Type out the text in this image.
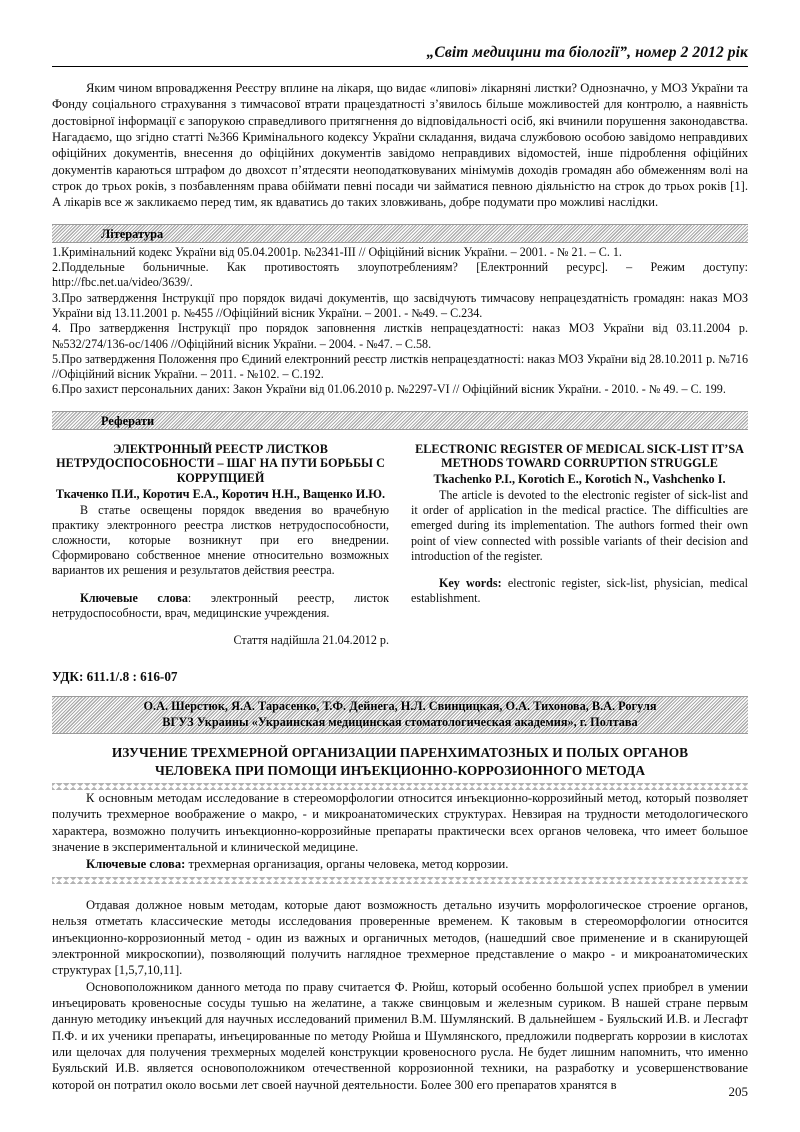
„Світ медицини та біології”, номер 2 2012 рік

Яким чином впровадження Реєстру вплине на лікаря, що видає «липові» лікарняні листки? Однозначно, у МОЗ України та Фонду соціального страхування з тимчасової втрати працездатності з’явилось більше можливостей для контролю, а наявність достовірної інформації є запорукою справедливого притягнення до відповідальності осіб, які вчинили порушення законодавства. Нагадаємо, що згідно статті №366 Кримінального кодексу України складання, видача службовою особою завідомо неправдивих офіційних документів, внесення до офіційних документів завідомо неправдивих відомостей, інше підроблення офіційних документів караються штрафом до двохсот п’ятдесяти неоподатковуваних мінімумів доходів громадян або обмеженням волі на строк до трьох років, з позбавленням права обіймати певні посади чи займатися певною діяльністю на строк до трьох років [1]. А лікарів все ж закликаємо перед тим, як вдаватись до таких зловживань, добре подумати про можливі наслідки.

Література

1.Кримінальний кодекс України від 05.04.2001р. №2341-III // Офіційний вісник України. – 2001. - № 21. – С. 1.

2.Поддельные больничные. Как противостоять злоупотреблениям? [Електронний ресурс]. – Режим доступу: http://fbc.net.ua/video/3639/.

3.Про затвердження Інструкції про порядок видачі документів, що засвідчують тимчасову непрацездатність громадян: наказ МОЗ України від 13.11.2001 р. №455 //Офіційний вісник України. – 2001. - №49. – С.234.

4. Про затвердження Інструкції про порядок заповнення листків непрацездатності: наказ МОЗ України від 03.11.2004 р. №532/274/136-ос/1406 //Офіційний вісник України. – 2004. - №47. – С.58.

5.Про затвердження Положення про Єдиний електронний реєстр листків непрацездатності: наказ МОЗ України від 28.10.2011 р. №716 //Офіційний вісник України. – 2011. - №102. – С.192.

6.Про захист персональних даних: Закон України від 01.06.2010 р. №2297-VI // Офіційний вісник України. - 2010. - № 49. – С. 199.

Реферати
ЭЛЕКТРОННЫЙ РЕЕСТР ЛИСТКОВ НЕТРУДОСПОСОБНОСТИ – ШАГ НА ПУТИ БОРЬБЫ С КОРРУПЦИЕЙ
Ткаченко П.И., Коротич Е.А., Коротич Н.Н., Ващенко И.Ю.

В статье освещены порядок введения во врачебную практику электронного реестра листков нетрудоспособности, сложности, которые возникнут при его внедрении. Сформировано собственное мнение относительно возможных вариантов их решения и результатов действия реестра.

Ключевые слова: электронный реестр, листок нетрудоспособности, врач, медицинские учреждения.

Стаття надійшла 21.04.2012 р.
ELECTRONIC REGISTER OF MEDICAL SICK-LIST IT’SA METHODS TOWARD CORRUPTION STRUGGLE
Tkachenko P.I., Korotich E., Korotich N., Vashchenko I.

The article is devoted to the electronic register of sick-list and it order of application in the medical practice. The difficulties are emerged during its implementation. The authors formed their own point of view connected with possible variants of their decision and introduction of the register.

Key words: electronic register, sick-list, physician, medical establishment.

УДК: 611.1/.8 : 616-07
О.А. Шерстюк, Я.А. Тарасенко, Т.Ф. Дейнега, Н.Л. Свинцицкая, О.А. Тихонова, В.А. Рогуля
ВГУЗ Украины «Украинская медицинская стоматологическая академия», г. Полтава
ИЗУЧЕНИЕ ТРЕХМЕРНОЙ ОРГАНИЗАЦИИ ПАРЕНХИМАТОЗНЫХ И ПОЛЫХ ОРГАНОВ
ЧЕЛОВЕКА ПРИ ПОМОЩИ ИНЪЕКЦИОННО-КОРРОЗИОННОГО МЕТОДА

К основным методам исследование в стереоморфологии относится инъекционно-коррозийный метод, который позволяет получить трехмерное воображение о макро, - и микроанатомических структурах. Невзирая на трудности методологического характера, возможно получить инъекционно-коррозийные препараты практически всех органов человека, что имеет большое значение в экспериментальной и клинической медицине.

Ключевые слова: трехмерная организация, органы человека, метод коррозии.

Отдавая должное новым методам, которые дают возможность детально изучить морфологическое строение органов, нельзя отметать классические методы исследования проверенные временем. К таковым в стереоморфологии относится инъекционно-коррозионный метод - один из важных и органичных методов, (нашедший свое применение и в сканирующей электронной микроскопии), позволяющий получить наглядное трехмерное представление о макро - и микроанатомических структурах [1,5,7,10,11].

Основоположником данного метода по праву считается Ф. Рюйш, который особенно большой успех приобрел в умении инъецировать кровеносные сосуды тушью на желатине, а также свинцовым и железным суриком. В нашей стране первым данную методику инъекций для научных исследований применил В.М. Шумлянский. В дальнейшем - Буяльский И.В. и Лесгафт П.Ф. и их ученики препараты, инъецированные по методу Рюйша и Шумлянского, предложили подвергать коррозии в кислотах или щелочах для получения трехмерных моделей конструкции кровеносного русла. Не будет лишним напомнить, что именно Буяльский И.В. является основоположником отечественной коррозионной техники, на разработку и усовершенствование которой он потратил около восьми лет своей научной деятельности. Более 300 его препаратов хранятся в	205
